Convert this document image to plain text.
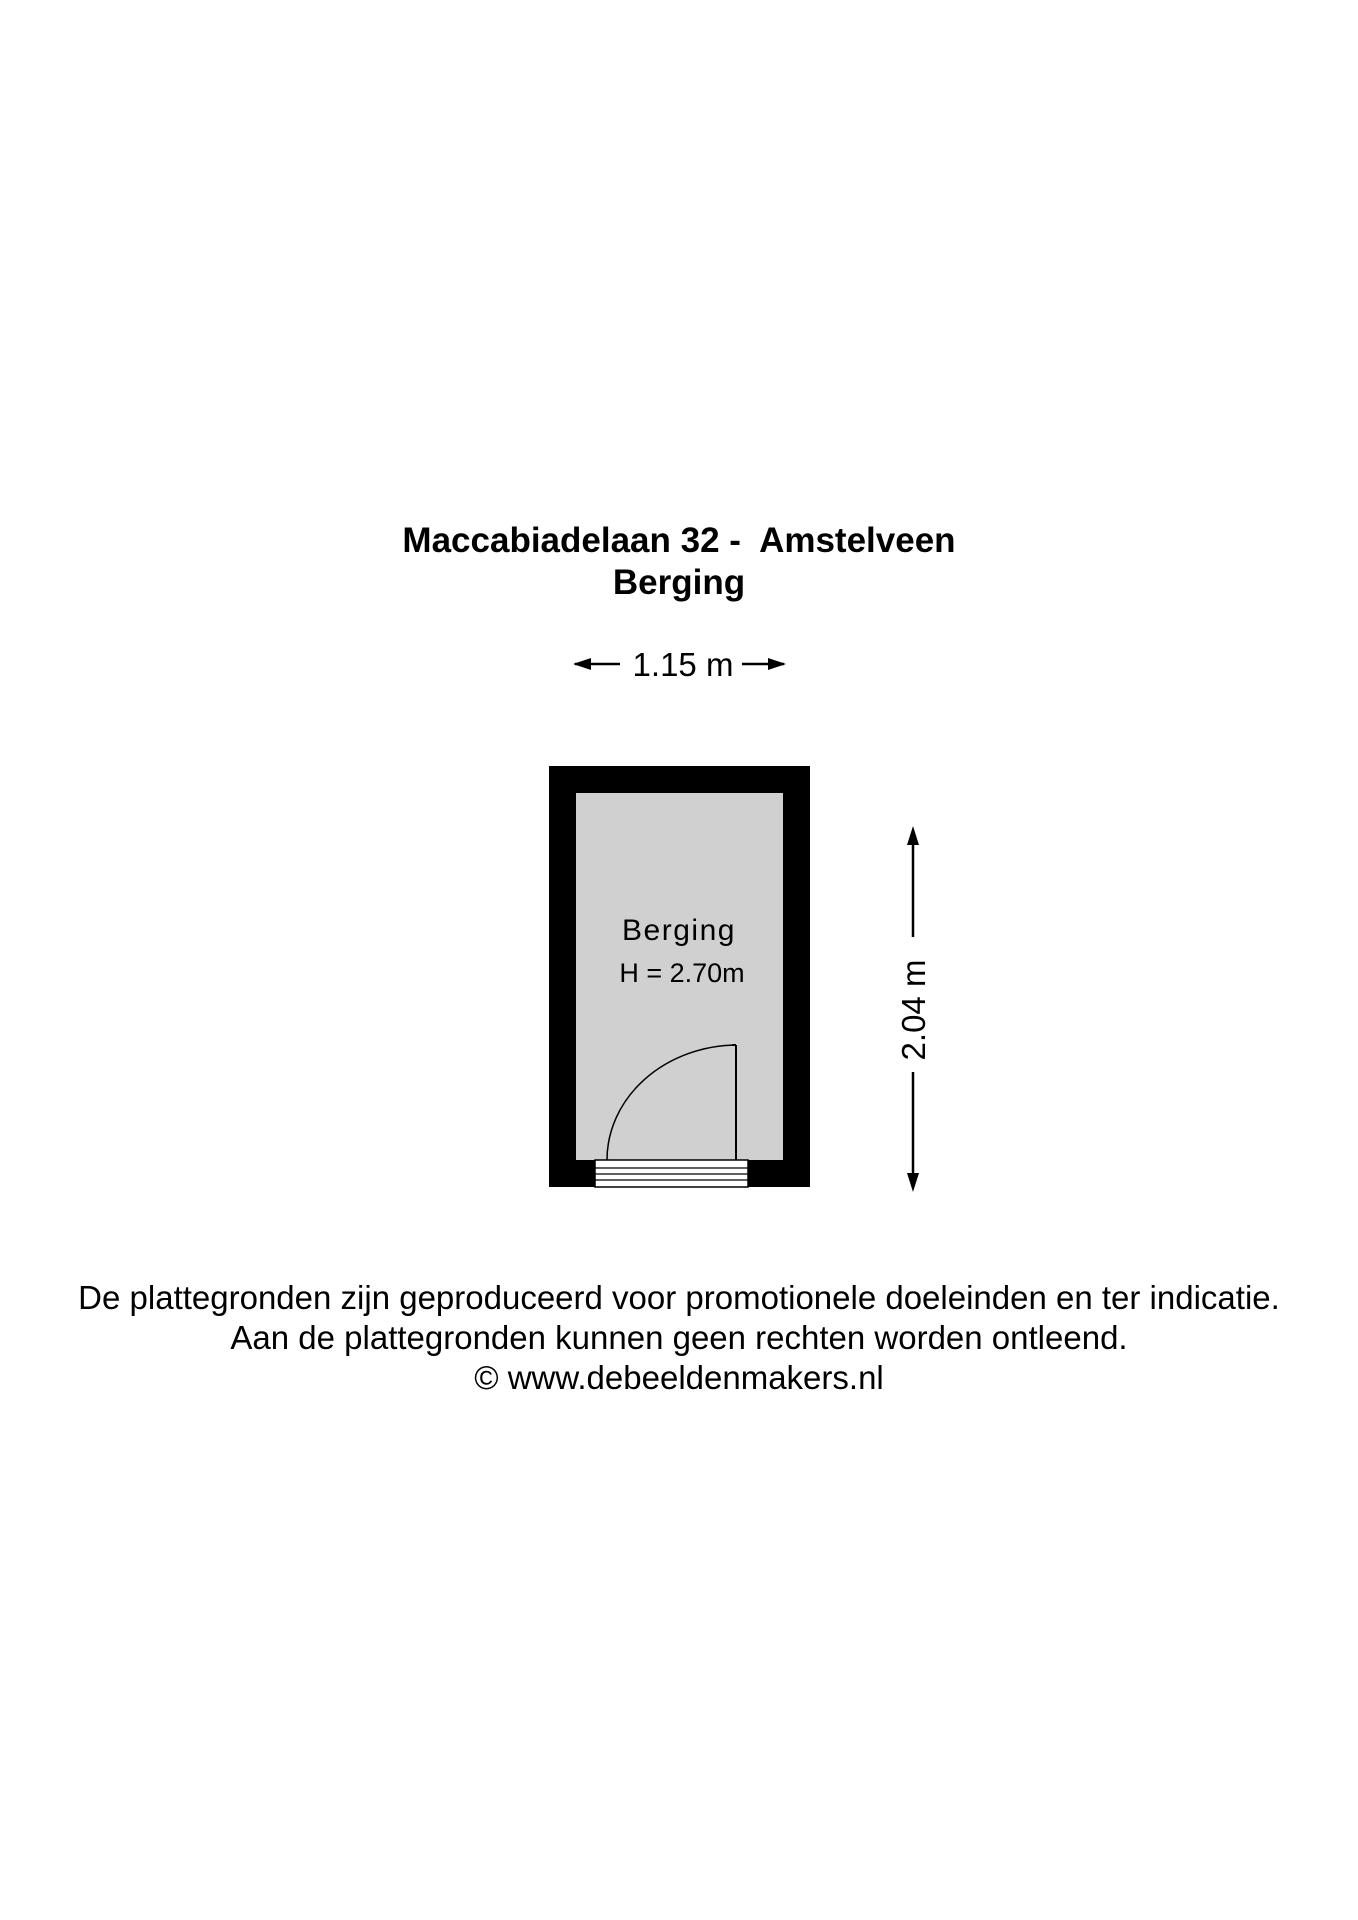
Maccabiadelaan 32 -  Amstelveen
Berging
1.15 m
Berging
H = 2.70m	2.04 m
De plattegronden zijn geproduceerd voor promotionele doeleinden en ter indicatie.
Aan de plattegronden kunnen geen rechten worden ontleend.
© www.debeeldenmakers.nl
